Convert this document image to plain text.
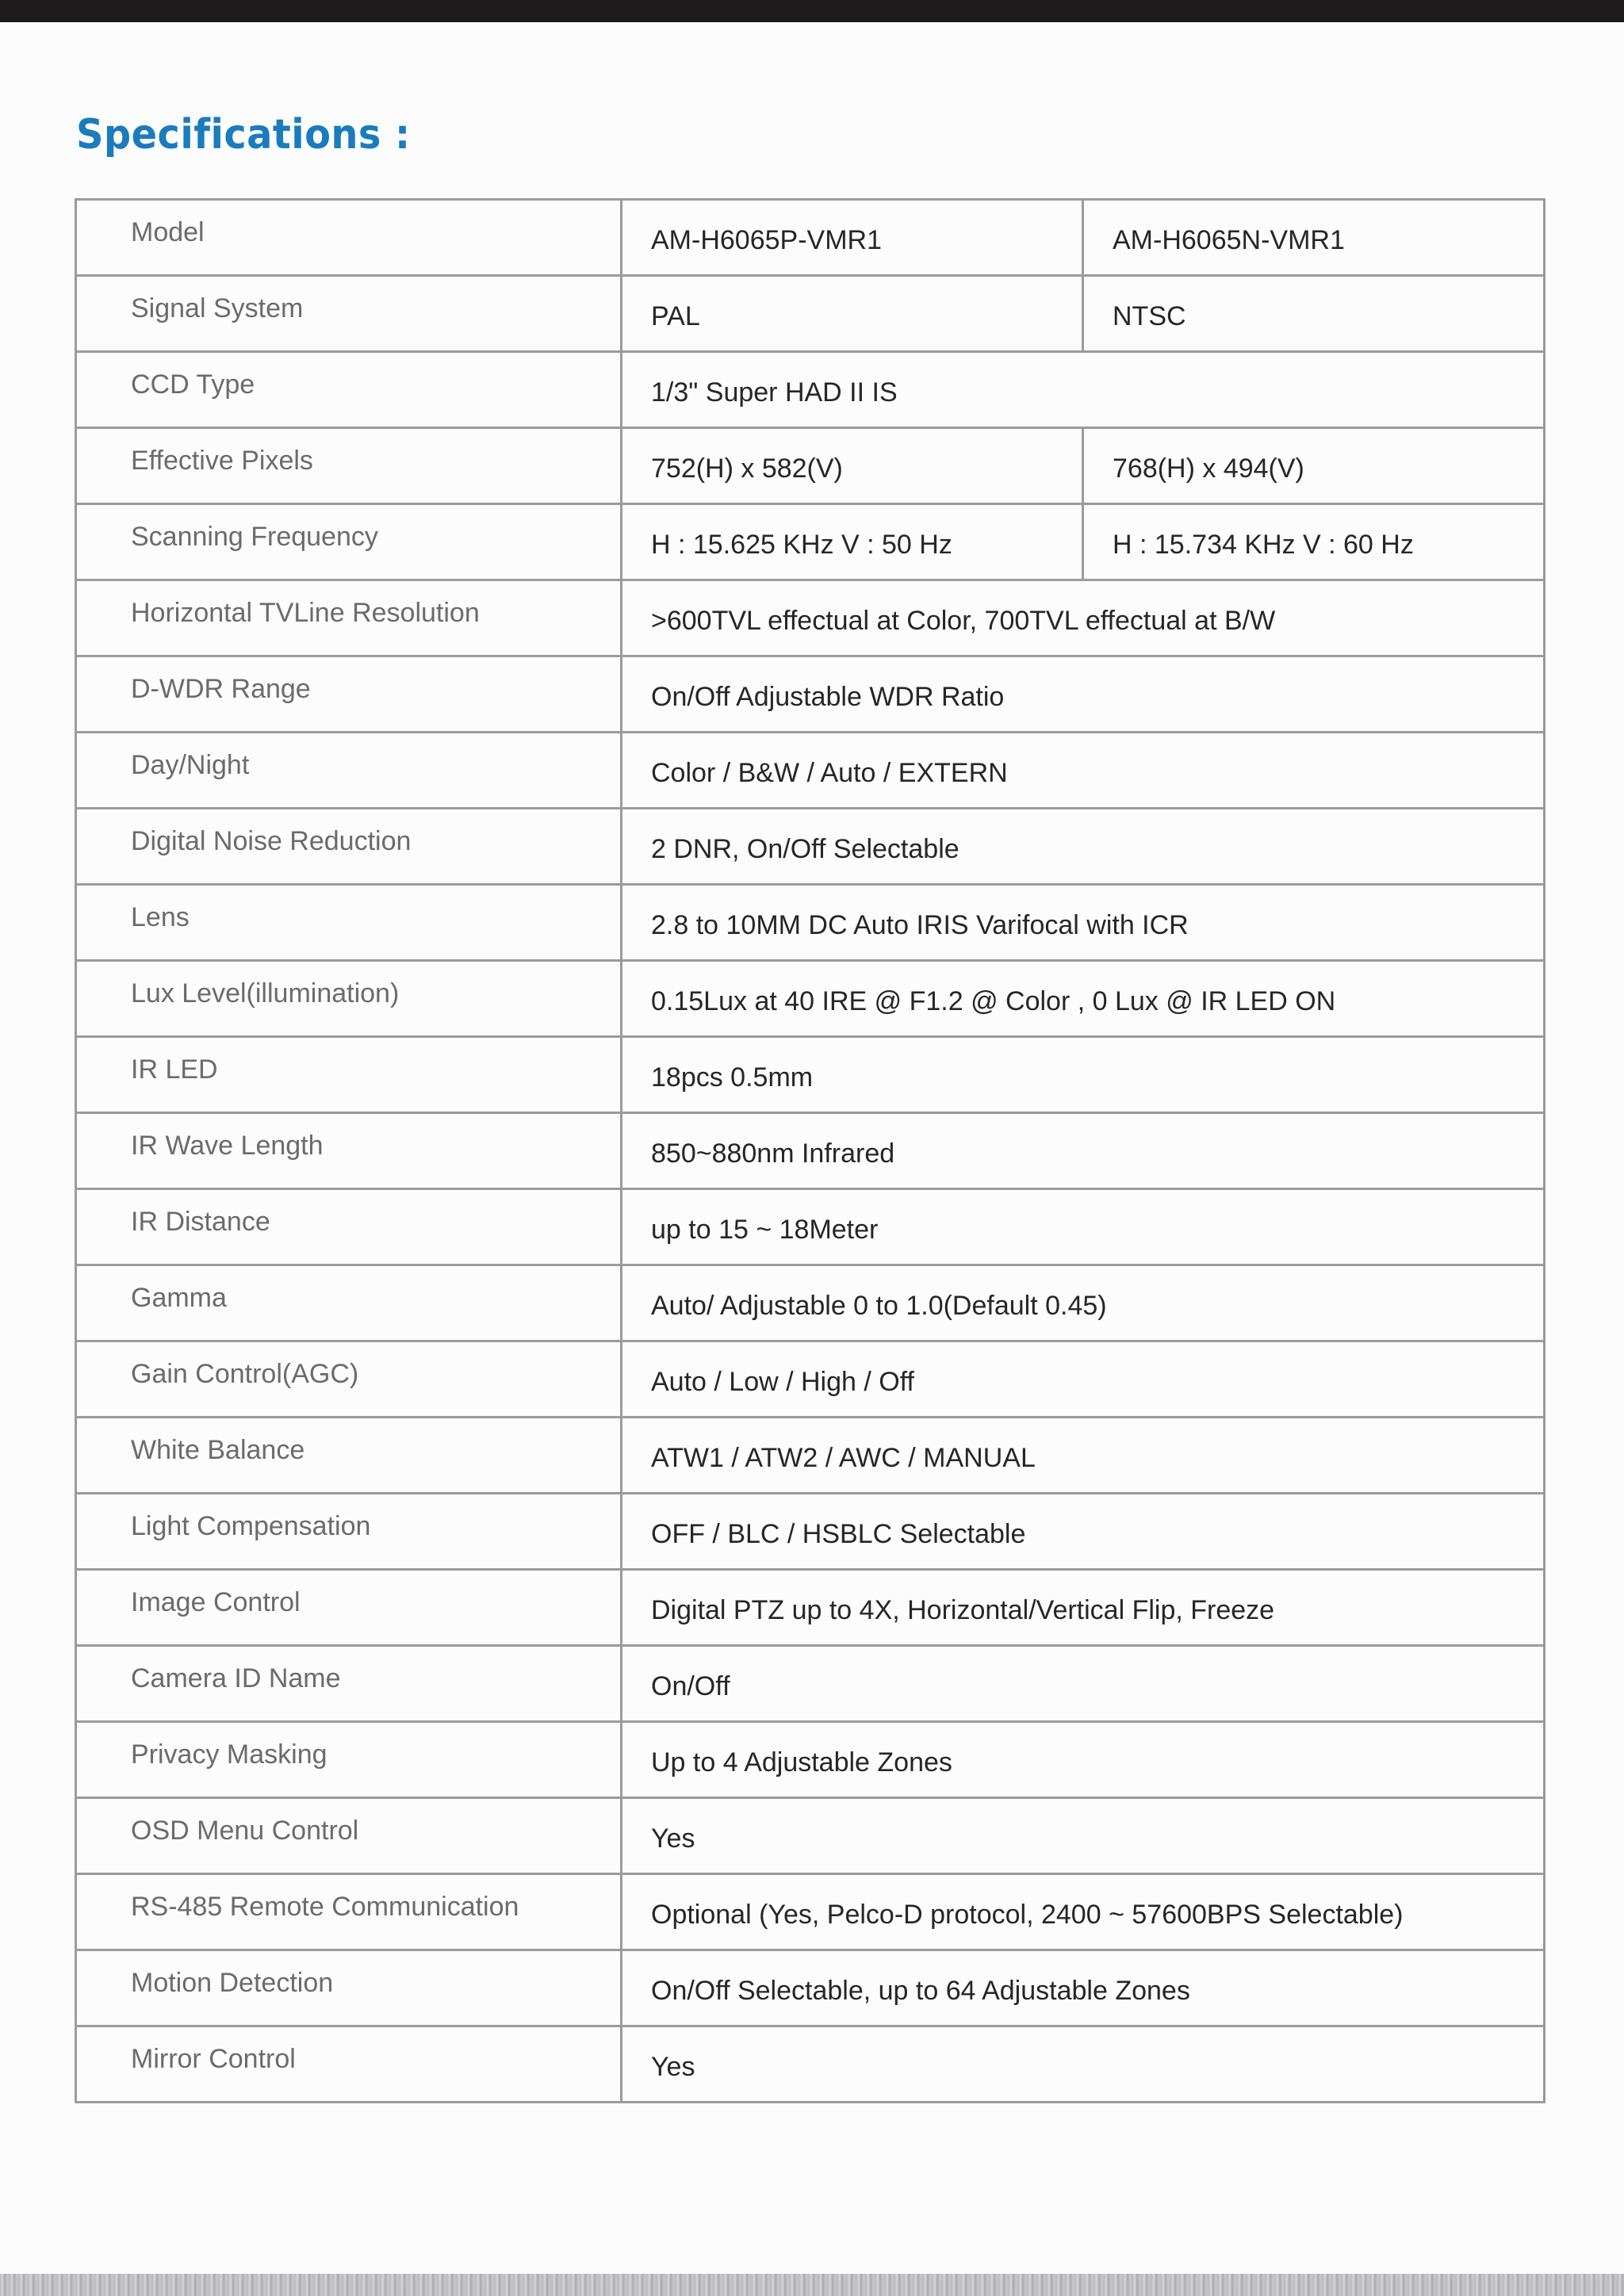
Specifications :
Model	AM-H6065P-VMR1	AM-H6065N-VMR1
Signal System	PAL	NTSC
CCD Type	1/3" Super HAD II IS	
Effective Pixels	752(H) x 582(V)	768(H) x 494(V)
Scanning Frequency	H : 15.625 KHz V : 50 Hz	H : 15.734 KHz V : 60 Hz
Horizontal TVLine Resolution	>600TVL effectual at Color, 700TVL effectual at B/W	
D-WDR Range	On/Off Adjustable WDR Ratio	
Day/Night	Color / B&W / Auto / EXTERN	
Digital Noise Reduction	2 DNR, On/Off Selectable	
Lens	2.8 to 10MM DC Auto IRIS Varifocal with ICR	
Lux Level(illumination)	0.15Lux at 40 IRE @ F1.2 @ Color , 0 Lux @ IR LED ON	
IR LED	18pcs 0.5mm	
IR Wave Length	850~880nm Infrared	
IR Distance	up to 15 ~ 18Meter	
Gamma	Auto/ Adjustable 0 to 1.0(Default 0.45)	
Gain Control(AGC)	Auto / Low / High / Off	
White Balance	ATW1 / ATW2 / AWC / MANUAL	
Light Compensation	OFF / BLC / HSBLC Selectable	
Image Control	Digital PTZ up to 4X, Horizontal/Vertical Flip, Freeze	
Camera ID Name	On/Off	
Privacy Masking	Up to 4 Adjustable Zones	
OSD Menu Control	Yes	
RS-485 Remote Communication	Optional (Yes, Pelco-D protocol, 2400 ~ 57600BPS Selectable)	
Motion Detection	On/Off Selectable, up to 64 Adjustable Zones	
Mirror Control	Yes	
